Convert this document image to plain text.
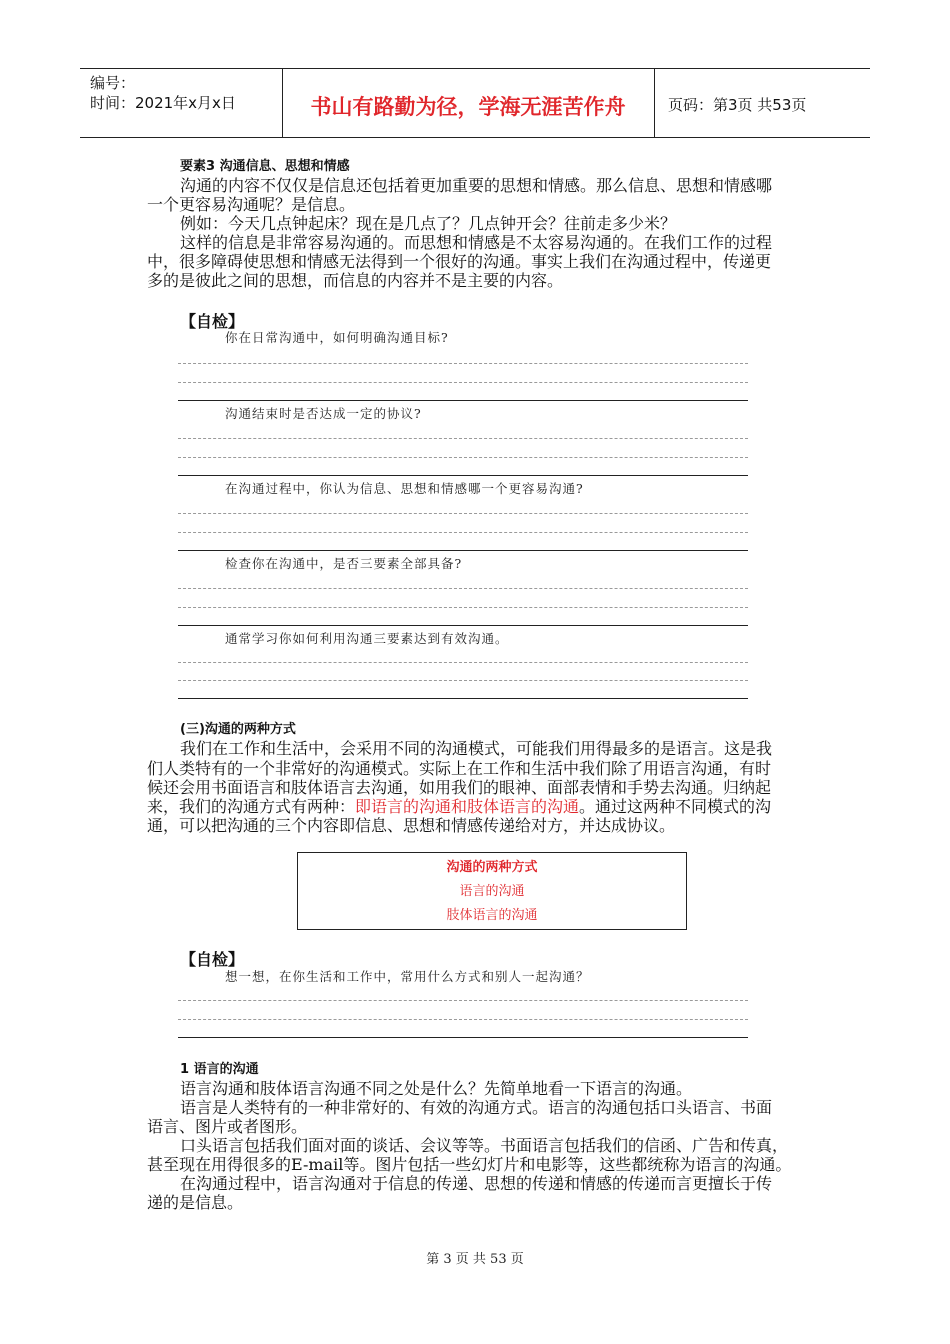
编号：
时间：2021年x月x日	书山有路勤为径，学海无涯苦作舟	页码：第3页 共53页
要素3 沟通信息、思想和情感
沟通的内容不仅仅是信息还包括着更加重要的思想和情感。那么信息、思想和情感哪
一个更容易沟通呢？是信息。
例如：今天几点钟起床？现在是几点了？几点钟开会？往前走多少米？
这样的信息是非常容易沟通的。而思想和情感是不太容易沟通的。在我们工作的过程
中，很多障碍使思想和情感无法得到一个很好的沟通。事实上我们在沟通过程中，传递更
多的是彼此之间的思想，而信息的内容并不是主要的内容。
【自检】
你在日常沟通中，如何明确沟通目标?
沟通结束时是否达成一定的协议?
在沟通过程中，你认为信息、思想和情感哪一个更容易沟通?
检查你在沟通中，是否三要素全部具备?
通常学习你如何利用沟通三要素达到有效沟通。
(三)沟通的两种方式
我们在工作和生活中，会采用不同的沟通模式，可能我们用得最多的是语言。这是我
们人类特有的一个非常好的沟通模式。实际上在工作和生活中我们除了用语言沟通，有时
候还会用书面语言和肢体语言去沟通，如用我们的眼神、面部表情和手势去沟通。归纳起
来，我们的沟通方式有两种：即语言的沟通和肢体语言的沟通。通过这两种不同模式的沟
通，可以把沟通的三个内容即信息、思想和情感传递给对方，并达成协议。
沟通的两种方式
语言的沟通
肢体语言的沟通
【自检】
想一想，在你生活和工作中，常用什么方式和别人一起沟通？
1 语言的沟通
语言沟通和肢体语言沟通不同之处是什么？先简单地看一下语言的沟通。
语言是人类特有的一种非常好的、有效的沟通方式。语言的沟通包括口头语言、书面
语言、图片或者图形。
口头语言包括我们面对面的谈话、会议等等。书面语言包括我们的信函、广告和传真，
甚至现在用得很多的E-mail等。图片包括一些幻灯片和电影等，这些都统称为语言的沟通。
在沟通过程中，语言沟通对于信息的传递、思想的传递和情感的传递而言更擅长于传
递的是信息。
第 3 页 共 53 页
